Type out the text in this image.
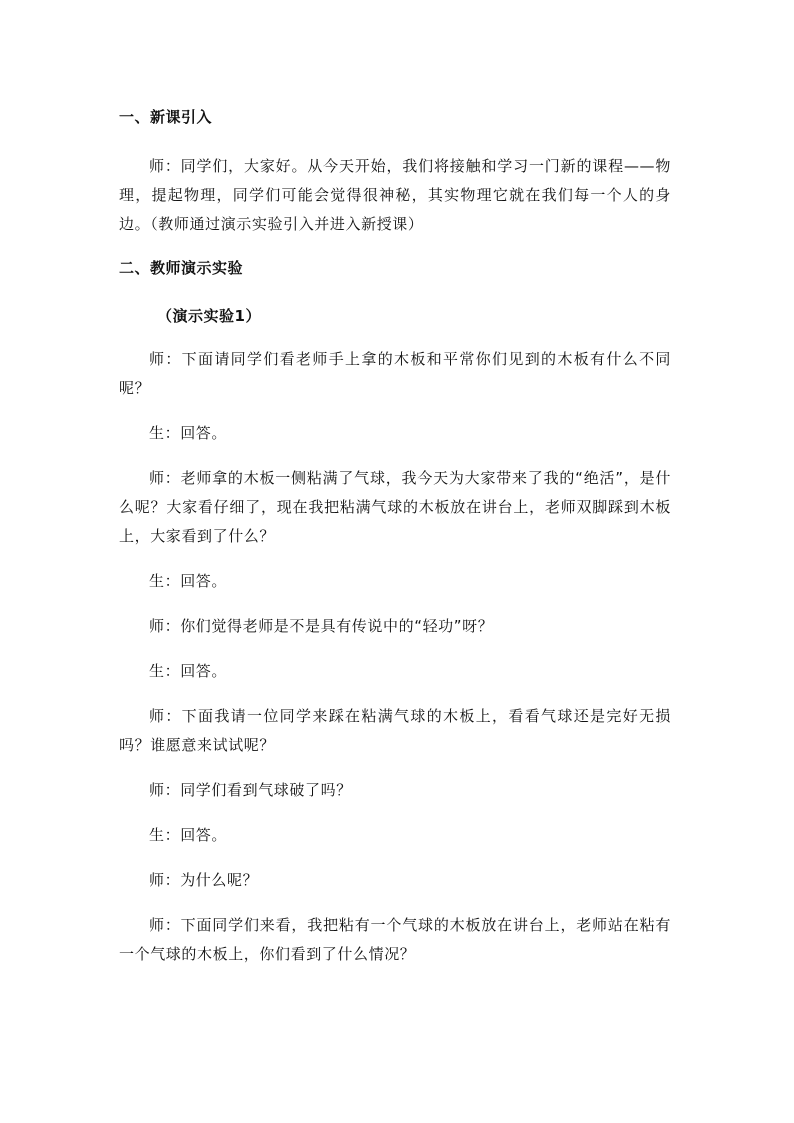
一、新课引入

师：同学们，大家好。从今天开始，我们将接触和学习一门新的课程——物理，提起物理，同学们可能会觉得很神秘，其实物理它就在我们每一个人的身边。（教师通过演示实验引入并进入新授课）

二、教师演示实验
（演示实验1）

师：下面请同学们看老师手上拿的木板和平常你们见到的木板有什么不同呢？

生：回答。

师：老师拿的木板一侧粘满了气球，我今天为大家带来了我的“绝活”，是什么呢？大家看仔细了，现在我把粘满气球的木板放在讲台上，老师双脚踩到木板上，大家看到了什么？

生：回答。

师：你们觉得老师是不是具有传说中的“轻功”呀？

生：回答。

师：下面我请一位同学来踩在粘满气球的木板上，看看气球还是完好无损吗？谁愿意来试试呢？

师：同学们看到气球破了吗？

生：回答。

师：为什么呢？

师：下面同学们来看，我把粘有一个气球的木板放在讲台上，老师站在粘有一个气球的木板上，你们看到了什么情况？
